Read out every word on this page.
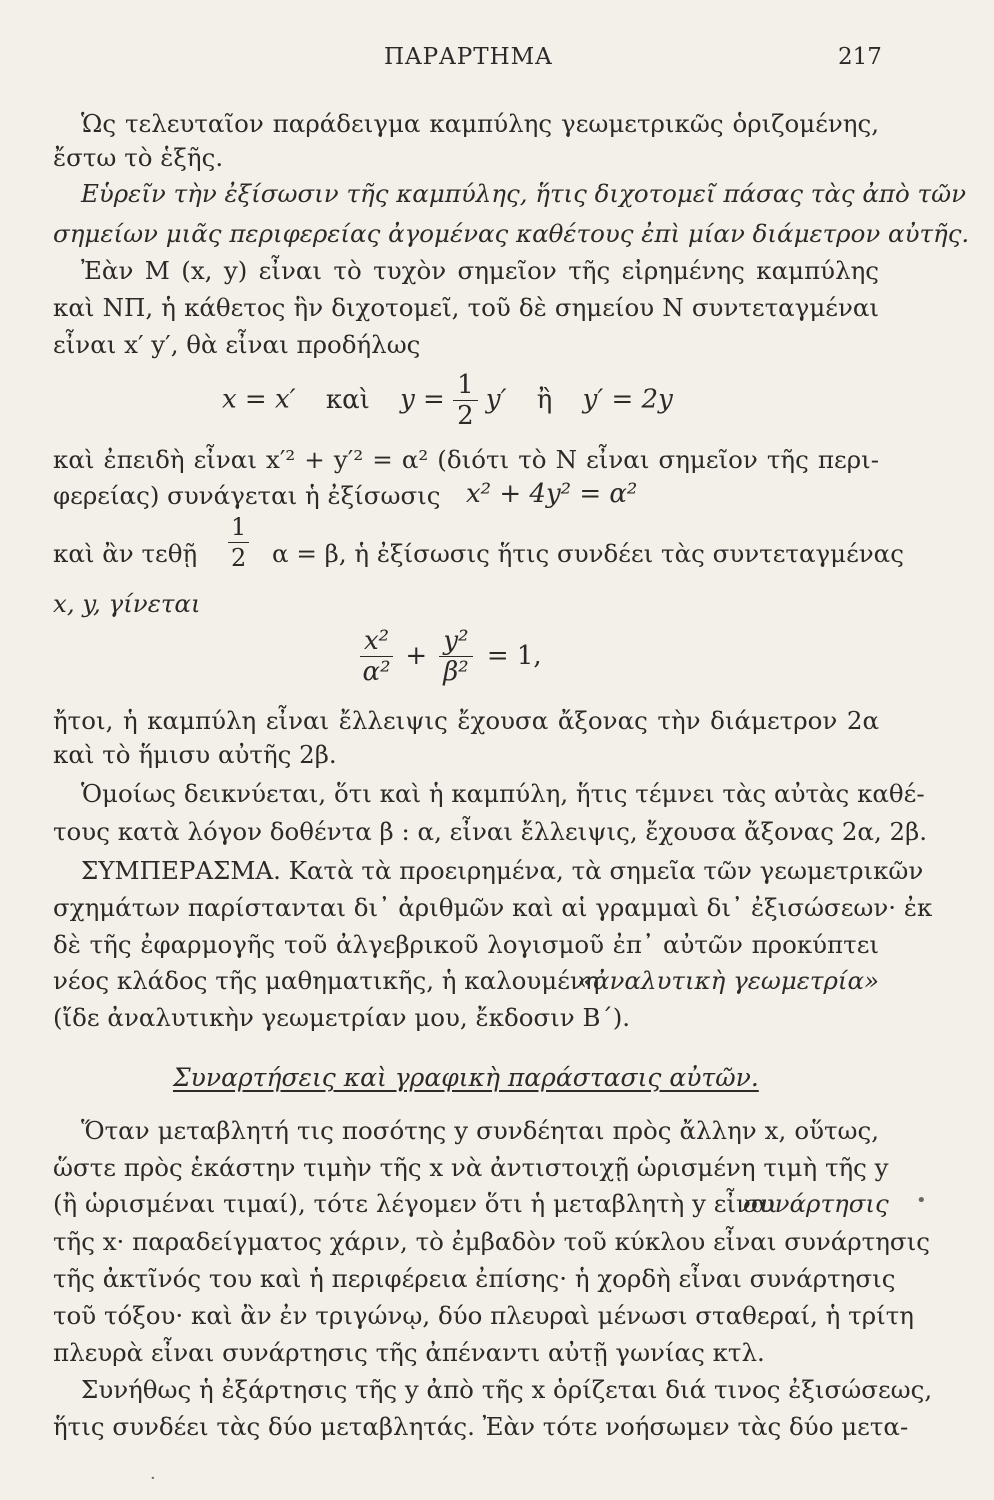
ΠΑΡΑΡΤΗΜΑ	217
Ὡς τελευταῖον παράδειγμα καμπύλης γεωμετρικῶς ὁριζομένης,
ἔστω τὸ ἑξῆς.
Εὑρεῖν τὴν ἐξίσωσιν τῆς καμπύλης, ἥτις διχοτομεῖ πάσας τὰς ἀπὸ τῶν
σημείων μιᾶς περιφερείας ἀγομένας καθέτους ἐπὶ μίαν διάμετρον αὐτῆς.
Ἐὰν Μ (x, y) εἶναι τὸ τυχὸν σημεῖον τῆς εἰρημένης καμπύλης
καὶ ΝΠ, ἡ κάθετος ἣν διχοτομεῖ, τοῦ δὲ σημείου Ν συντεταγμέναι
εἶναι x′ y′, θὰ εἶναι προδήλως
x = x′ καὶ $y = \frac{1}{2} y'$ ἢ y′ = 2y
καὶ ἐπειδὴ εἶναι x′² + y′² = α² (διότι τὸ Ν εἶναι σημεῖον τῆς περι-
φερείας) συνάγεται ἡ ἐξίσωσις x² + 4y² = α²
καὶ ἂν τεθῇ $\frac{1}{2}$ α = β, ἡ ἐξίσωσις ἥτις συνδέει τὰς συντεταγμένας
x, y, γίνεται
$\frac{\text{x²}}{\text{α²}} + \frac{\text{y²}}{\text{β²}} = 1$,
ἤτοι, ἡ καμπύλη εἶναι ἔλλειψις ἔχουσα ἄξονας τὴν διάμετρον 2α
καὶ τὸ ἥμισυ αὐτῆς 2β.
Ὁμοίως δεικνύεται, ὅτι καὶ ἡ καμπύλη, ἥτις τέμνει τὰς αὐτὰς καθέ-
τους κατὰ λόγον δοθέντα β : α, εἶναι ἔλλειψις, ἔχουσα ἄξονας 2α, 2β.
ΣΥΜΠΕΡΑΣΜΑ. Κατὰ τὰ προειρημένα, τὰ σημεῖα τῶν γεωμετρικῶν
σχημάτων παρίστανται δι᾽ ἀριθμῶν καὶ αἱ γραμμαὶ δι᾽ ἐξισώσεων· ἐκ
δὲ τῆς ἐφαρμογῆς τοῦ ἀλγεβρικοῦ λογισμοῦ ἐπ᾽ αὐτῶν προκύπτει
νέος κλάδος τῆς μαθηματικῆς, ἡ καλουμένη
«ἀναλυτικὴ γεωμετρία»
(ἴδε ἀναλυτικὴν γεωμετρίαν μου, ἔκδοσιν Β΄).
Συναρτήσεις καὶ γραφικὴ παράστασις αὐτῶν.
Ὅταν μεταβλητή τις ποσότης y συνδέηται πρὸς ἄλλην x, οὕτως,
ὥστε πρὸς ἑκάστην τιμὴν τῆς x νὰ ἀντιστοιχῇ ὡρισμένη τιμὴ τῆς y
(ἢ ὡρισμέναι τιμαί), τότε λέγομεν ὅτι ἡ μεταβλητὴ y εἶναι
συνάρτησις
τῆς x· παραδείγματος χάριν, τὸ ἐμβαδὸν τοῦ κύκλου εἶναι συνάρτησις
τῆς ἀκτῖνός του καὶ ἡ περιφέρεια ἐπίσης· ἡ χορδὴ εἶναι συνάρτησις
τοῦ τόξου· καὶ ἂν ἐν τριγώνῳ, δύο πλευραὶ μένωσι σταθεραί, ἡ τρίτη
πλευρὰ εἶναι συνάρτησις τῆς ἀπέναντι αὐτῇ γωνίας κτλ.
Συνήθως ἡ ἐξάρτησις τῆς y ἀπὸ τῆς x ὁρίζεται διά τινος ἐξισώσεως,
ἥτις συνδέει τὰς δύο μεταβλητάς. Ἐὰν τότε νοήσωμεν τὰς δύο μετα-
•
·
